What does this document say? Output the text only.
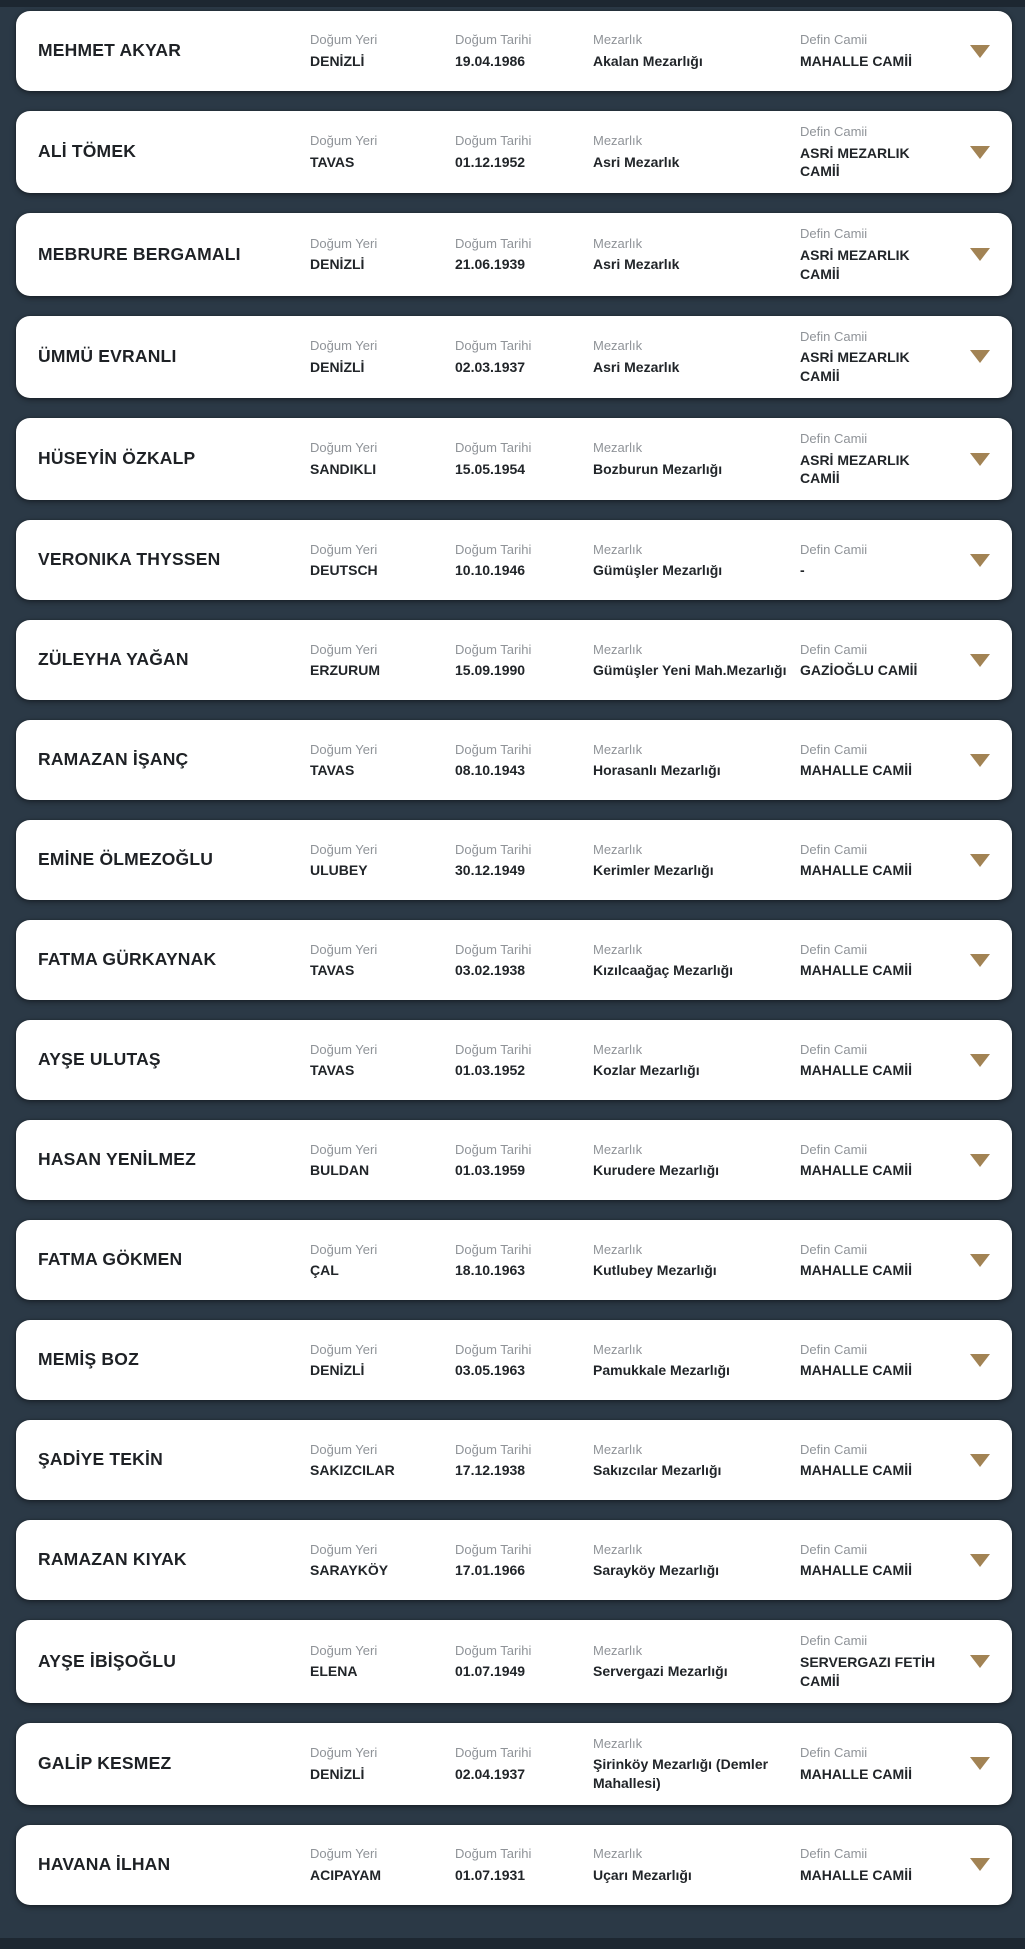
MEHMET AKYAR
Doğum Yeri
DENİZLİ
Doğum Tarihi
19.04.1986
Mezarlık
Akalan Mezarlığı
Defin Camii
MAHALLE CAMİİ
ALİ TÖMEK
Doğum Yeri
TAVAS
Doğum Tarihi
01.12.1952
Mezarlık
Asri Mezarlık
Defin Camii
ASRİ MEZARLIK CAMİİ
MEBRURE BERGAMALI
Doğum Yeri
DENİZLİ
Doğum Tarihi
21.06.1939
Mezarlık
Asri Mezarlık
Defin Camii
ASRİ MEZARLIK CAMİİ
ÜMMÜ EVRANLI
Doğum Yeri
DENİZLİ
Doğum Tarihi
02.03.1937
Mezarlık
Asri Mezarlık
Defin Camii
ASRİ MEZARLIK CAMİİ
HÜSEYİN ÖZKALP
Doğum Yeri
SANDIKLI
Doğum Tarihi
15.05.1954
Mezarlık
Bozburun Mezarlığı
Defin Camii
ASRİ MEZARLIK CAMİİ
VERONIKA THYSSEN
Doğum Yeri
DEUTSCH
Doğum Tarihi
10.10.1946
Mezarlık
Gümüşler Mezarlığı
Defin Camii
-
ZÜLEYHA YAĞAN
Doğum Yeri
ERZURUM
Doğum Tarihi
15.09.1990
Mezarlık
Gümüşler Yeni Mah.Mezarlığı
Defin Camii
GAZİOĞLU CAMİİ
RAMAZAN İŞANÇ
Doğum Yeri
TAVAS
Doğum Tarihi
08.10.1943
Mezarlık
Horasanlı Mezarlığı
Defin Camii
MAHALLE CAMİİ
EMİNE ÖLMEZOĞLU
Doğum Yeri
ULUBEY
Doğum Tarihi
30.12.1949
Mezarlık
Kerimler Mezarlığı
Defin Camii
MAHALLE CAMİİ
FATMA GÜRKAYNAK
Doğum Yeri
TAVAS
Doğum Tarihi
03.02.1938
Mezarlık
Kızılcaağaç Mezarlığı
Defin Camii
MAHALLE CAMİİ
AYŞE ULUTAŞ
Doğum Yeri
TAVAS
Doğum Tarihi
01.03.1952
Mezarlık
Kozlar Mezarlığı
Defin Camii
MAHALLE CAMİİ
HASAN YENİLMEZ
Doğum Yeri
BULDAN
Doğum Tarihi
01.03.1959
Mezarlık
Kurudere Mezarlığı
Defin Camii
MAHALLE CAMİİ
FATMA GÖKMEN
Doğum Yeri
ÇAL
Doğum Tarihi
18.10.1963
Mezarlık
Kutlubey Mezarlığı
Defin Camii
MAHALLE CAMİİ
MEMİŞ BOZ
Doğum Yeri
DENİZLİ
Doğum Tarihi
03.05.1963
Mezarlık
Pamukkale Mezarlığı
Defin Camii
MAHALLE CAMİİ
ŞADİYE TEKİN
Doğum Yeri
SAKIZCILAR
Doğum Tarihi
17.12.1938
Mezarlık
Sakızcılar Mezarlığı
Defin Camii
MAHALLE CAMİİ
RAMAZAN KIYAK
Doğum Yeri
SARAYKÖY
Doğum Tarihi
17.01.1966
Mezarlık
Sarayköy Mezarlığı
Defin Camii
MAHALLE CAMİİ
AYŞE İBİŞOĞLU
Doğum Yeri
ELENA
Doğum Tarihi
01.07.1949
Mezarlık
Servergazi Mezarlığı
Defin Camii
SERVERGAZI FETİH CAMİİ
GALİP KESMEZ
Doğum Yeri
DENİZLİ
Doğum Tarihi
02.04.1937
Mezarlık
Şirinköy Mezarlığı (Demler Mahallesi)
Defin Camii
MAHALLE CAMİİ
HAVANA İLHAN
Doğum Yeri
ACIPAYAM
Doğum Tarihi
01.07.1931
Mezarlık
Uçarı Mezarlığı
Defin Camii
MAHALLE CAMİİ
